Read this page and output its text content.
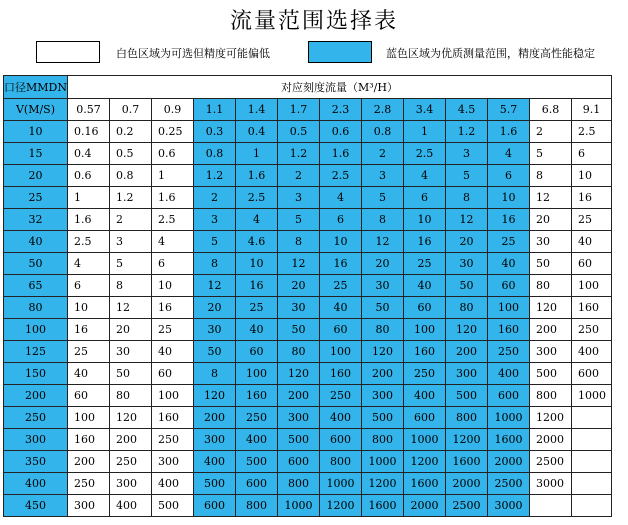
流量范围选择表
白色区域为可选但精度可能偏低	蓝色区域为优质测量范围，精度高性能稳定
口径MMDN	对应刻度流量（M³/H）												
V(M/S)	0.57	0.7	0.9	1.1	1.4	1.7	2.3	2.8	3.4	4.5	5.7	6.8	9.1
10	0.16	0.2	0.25	0.3	0.4	0.5	0.6	0.8	1	1.2	1.6	2	2.5
15	0.4	0.5	0.6	0.8	1	1.2	1.6	2	2.5	3	4	5	6
20	0.6	0.8	1	1.2	1.6	2	2.5	3	4	5	6	8	10
25	1	1.2	1.6	2	2.5	3	4	5	6	8	10	12	16
32	1.6	2	2.5	3	4	5	6	8	10	12	16	20	25
40	2.5	3	4	5	4.6	8	10	12	16	20	25	30	40
50	4	5	6	8	10	12	16	20	25	30	40	50	60
65	6	8	10	12	16	20	25	30	40	50	60	80	100
80	10	12	16	20	25	30	40	50	60	80	100	120	160
100	16	20	25	30	40	50	60	80	100	120	160	200	250
125	25	30	40	50	60	80	100	120	160	200	250	300	400
150	40	50	60	8	100	120	160	200	250	300	400	500	600
200	60	80	100	120	160	200	250	300	400	500	600	800	1000
250	100	120	160	200	250	300	400	500	600	800	1000	1200	
300	160	200	250	300	400	500	600	800	1000	1200	1600	2000	
350	200	250	300	400	500	600	800	1000	1200	1600	2000	2500	
400	250	300	400	500	600	800	1000	1200	1600	2000	2500	3000	
450	300	400	500	600	800	1000	1200	1600	2000	2500	3000		
